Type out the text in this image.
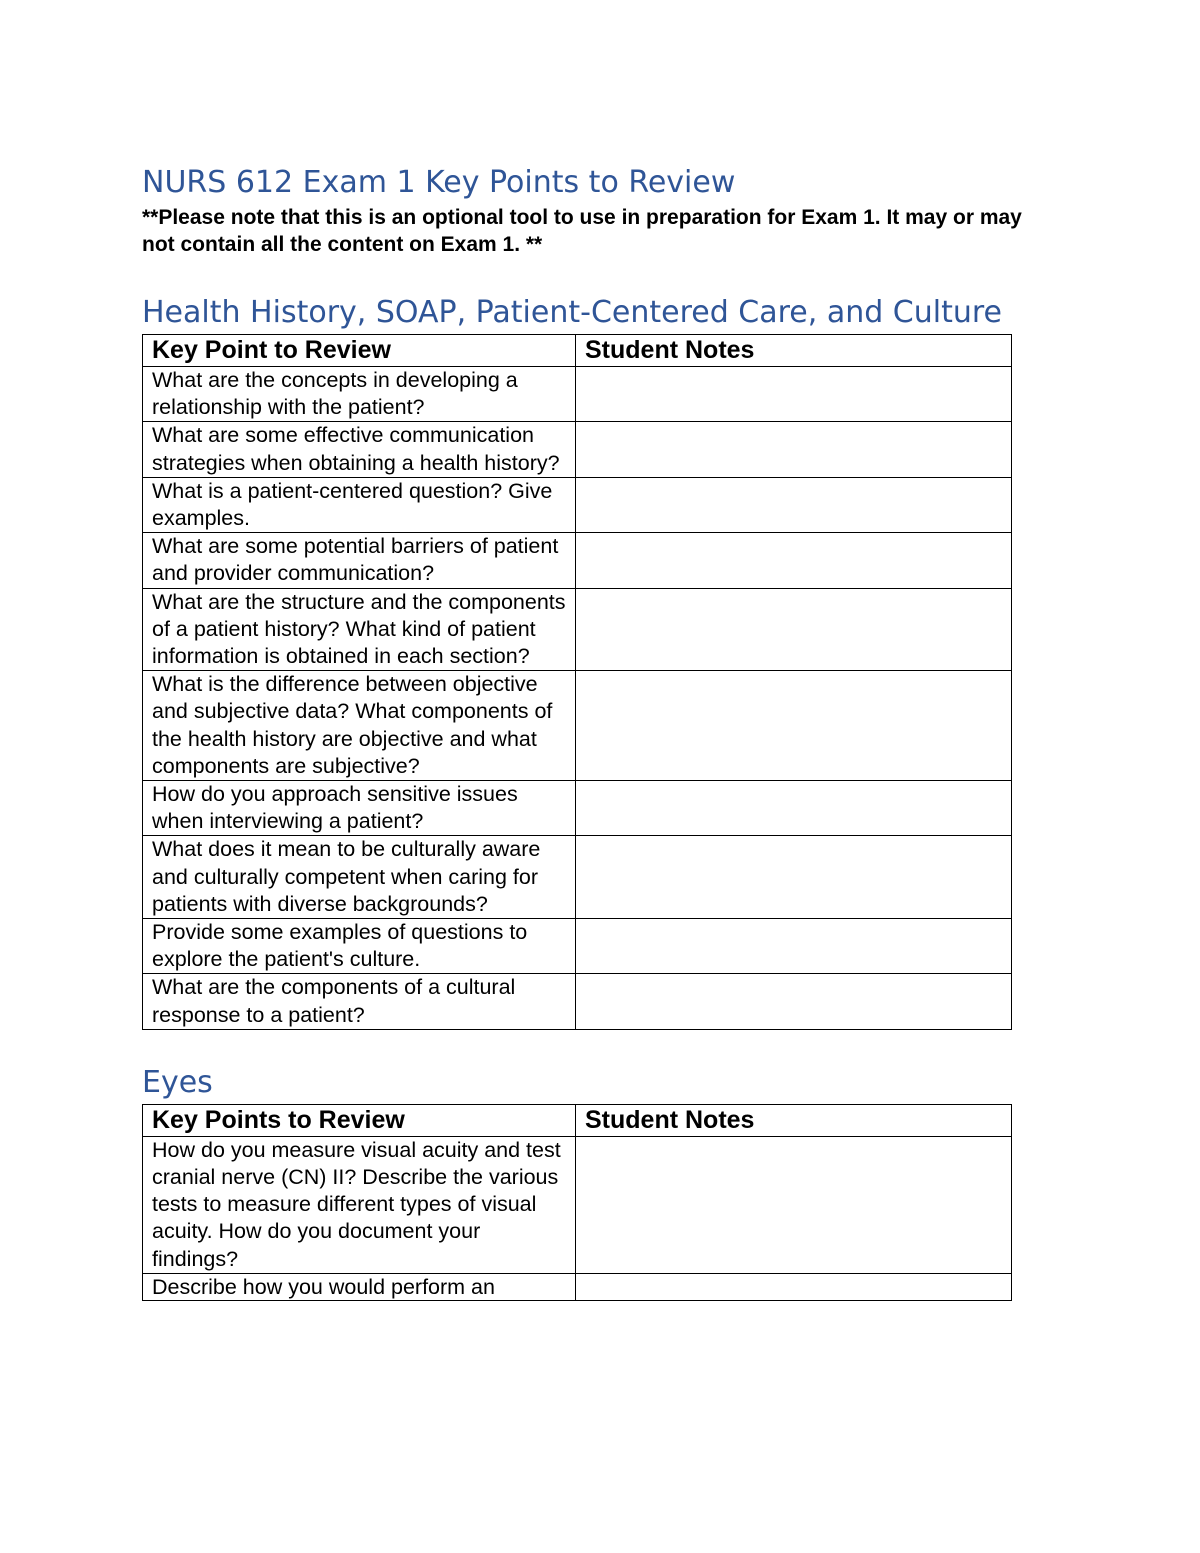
NURS 612 Exam 1 Key Points to Review

**Please note that this is an optional tool to use in preparation for Exam 1. It may or may not contain all the content on Exam 1. **

Health History, SOAP, Patient-Centered Care, and Culture
Key Point to Review	Student Notes
What are the concepts in developing a relationship with the patient?	
What are some effective communication strategies when obtaining a health history?	
What is a patient-centered question? Give examples.	
What are some potential barriers of patient and provider communication?	
What are the structure and the components of a patient history? What kind of patient information is obtained in each section?	
What is the difference between objective and subjective data? What components of the health history are objective and what components are subjective?	
How do you approach sensitive issues when interviewing a patient?	
What does it mean to be culturally aware and culturally competent when caring for patients with diverse backgrounds?	
Provide some examples of questions to explore the patient's culture.	
What are the components of a cultural response to a patient?	
Eyes
Key Points to Review	Student Notes
How do you measure visual acuity and test cranial nerve (CN) II? Describe the various tests to measure different types of visual acuity. How do you document your findings?	

Describe how you would perform an	
